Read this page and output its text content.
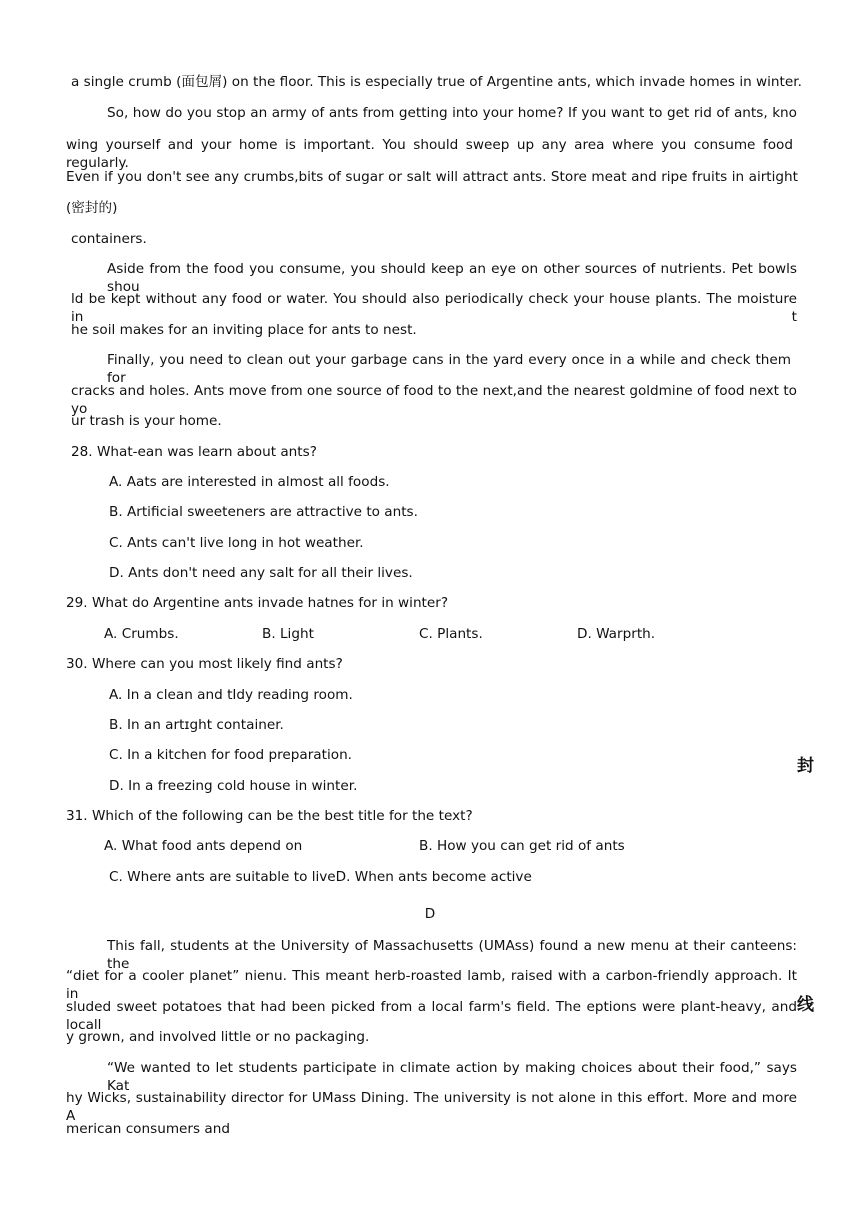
a single crumb (面包屑) on the floor. This is especially true of Argentine ants, which invade homes in winter.
So, how do you stop an army of ants from getting into your home? If you want to get rid of ants, kno
wing yourself and your home is important. You should sweep up any area where you consume food regularly.
Even if you don't see any crumbs,bits of sugar or salt will attract ants. Store meat and ripe fruits in airtight
(密封的)
containers.
Aside from the food you consume, you should keep an eye on other sources of nutrients. Pet bowls shou
ld be kept without any food or water. You should also periodically check your house plants. The moisture in t
he soil makes for an inviting place for ants to nest.
Finally, you need to clean out your garbage cans in the yard every once in a while and check them for
cracks and holes. Ants move from one source of food to the next,and the nearest goldmine of food next to yo
ur trash is your home.
28. What-ean was learn about ants?
A. Aats are interested in almost all foods.
B. Artificial sweeteners are attractive to ants.
C. Ants can't live long in hot weather.
D. Ants don't need any salt for all their lives.
29. What do Argentine ants invade hatnes for in winter?
A. Crumbs.	B. Light	C. Plants.	D. Warprth.
30. Where can you most likely find ants?
A. In a clean and tIdy reading room.
B. In an artɪght container.
C. In a kitchen for food preparation.
D. In a freezing cold house in winter.
31. Which of the following can be the best title for the text?
A. What food ants depend on	B. How you can get rid of ants
C. Where ants are suitable to liveD. When ants become active
D
This fall, students at the University of Massachusetts (UMAss) found a new menu at their canteens: the
“diet for a cooler planet” nienu. This meant herb-roasted lamb, raised with a carbon-friendly approach. It in
sluded sweet potatoes that had been picked from a local farm's field. The eptions were plant-heavy, and locall
y grown, and involved little or no packaging.
“We wanted to let students participate in climate action by making choices about their food,” says Kat
hy Wicks, sustainability director for UMass Dining. The university is not alone in this effort. More and more A
merican consumers and
封
线
